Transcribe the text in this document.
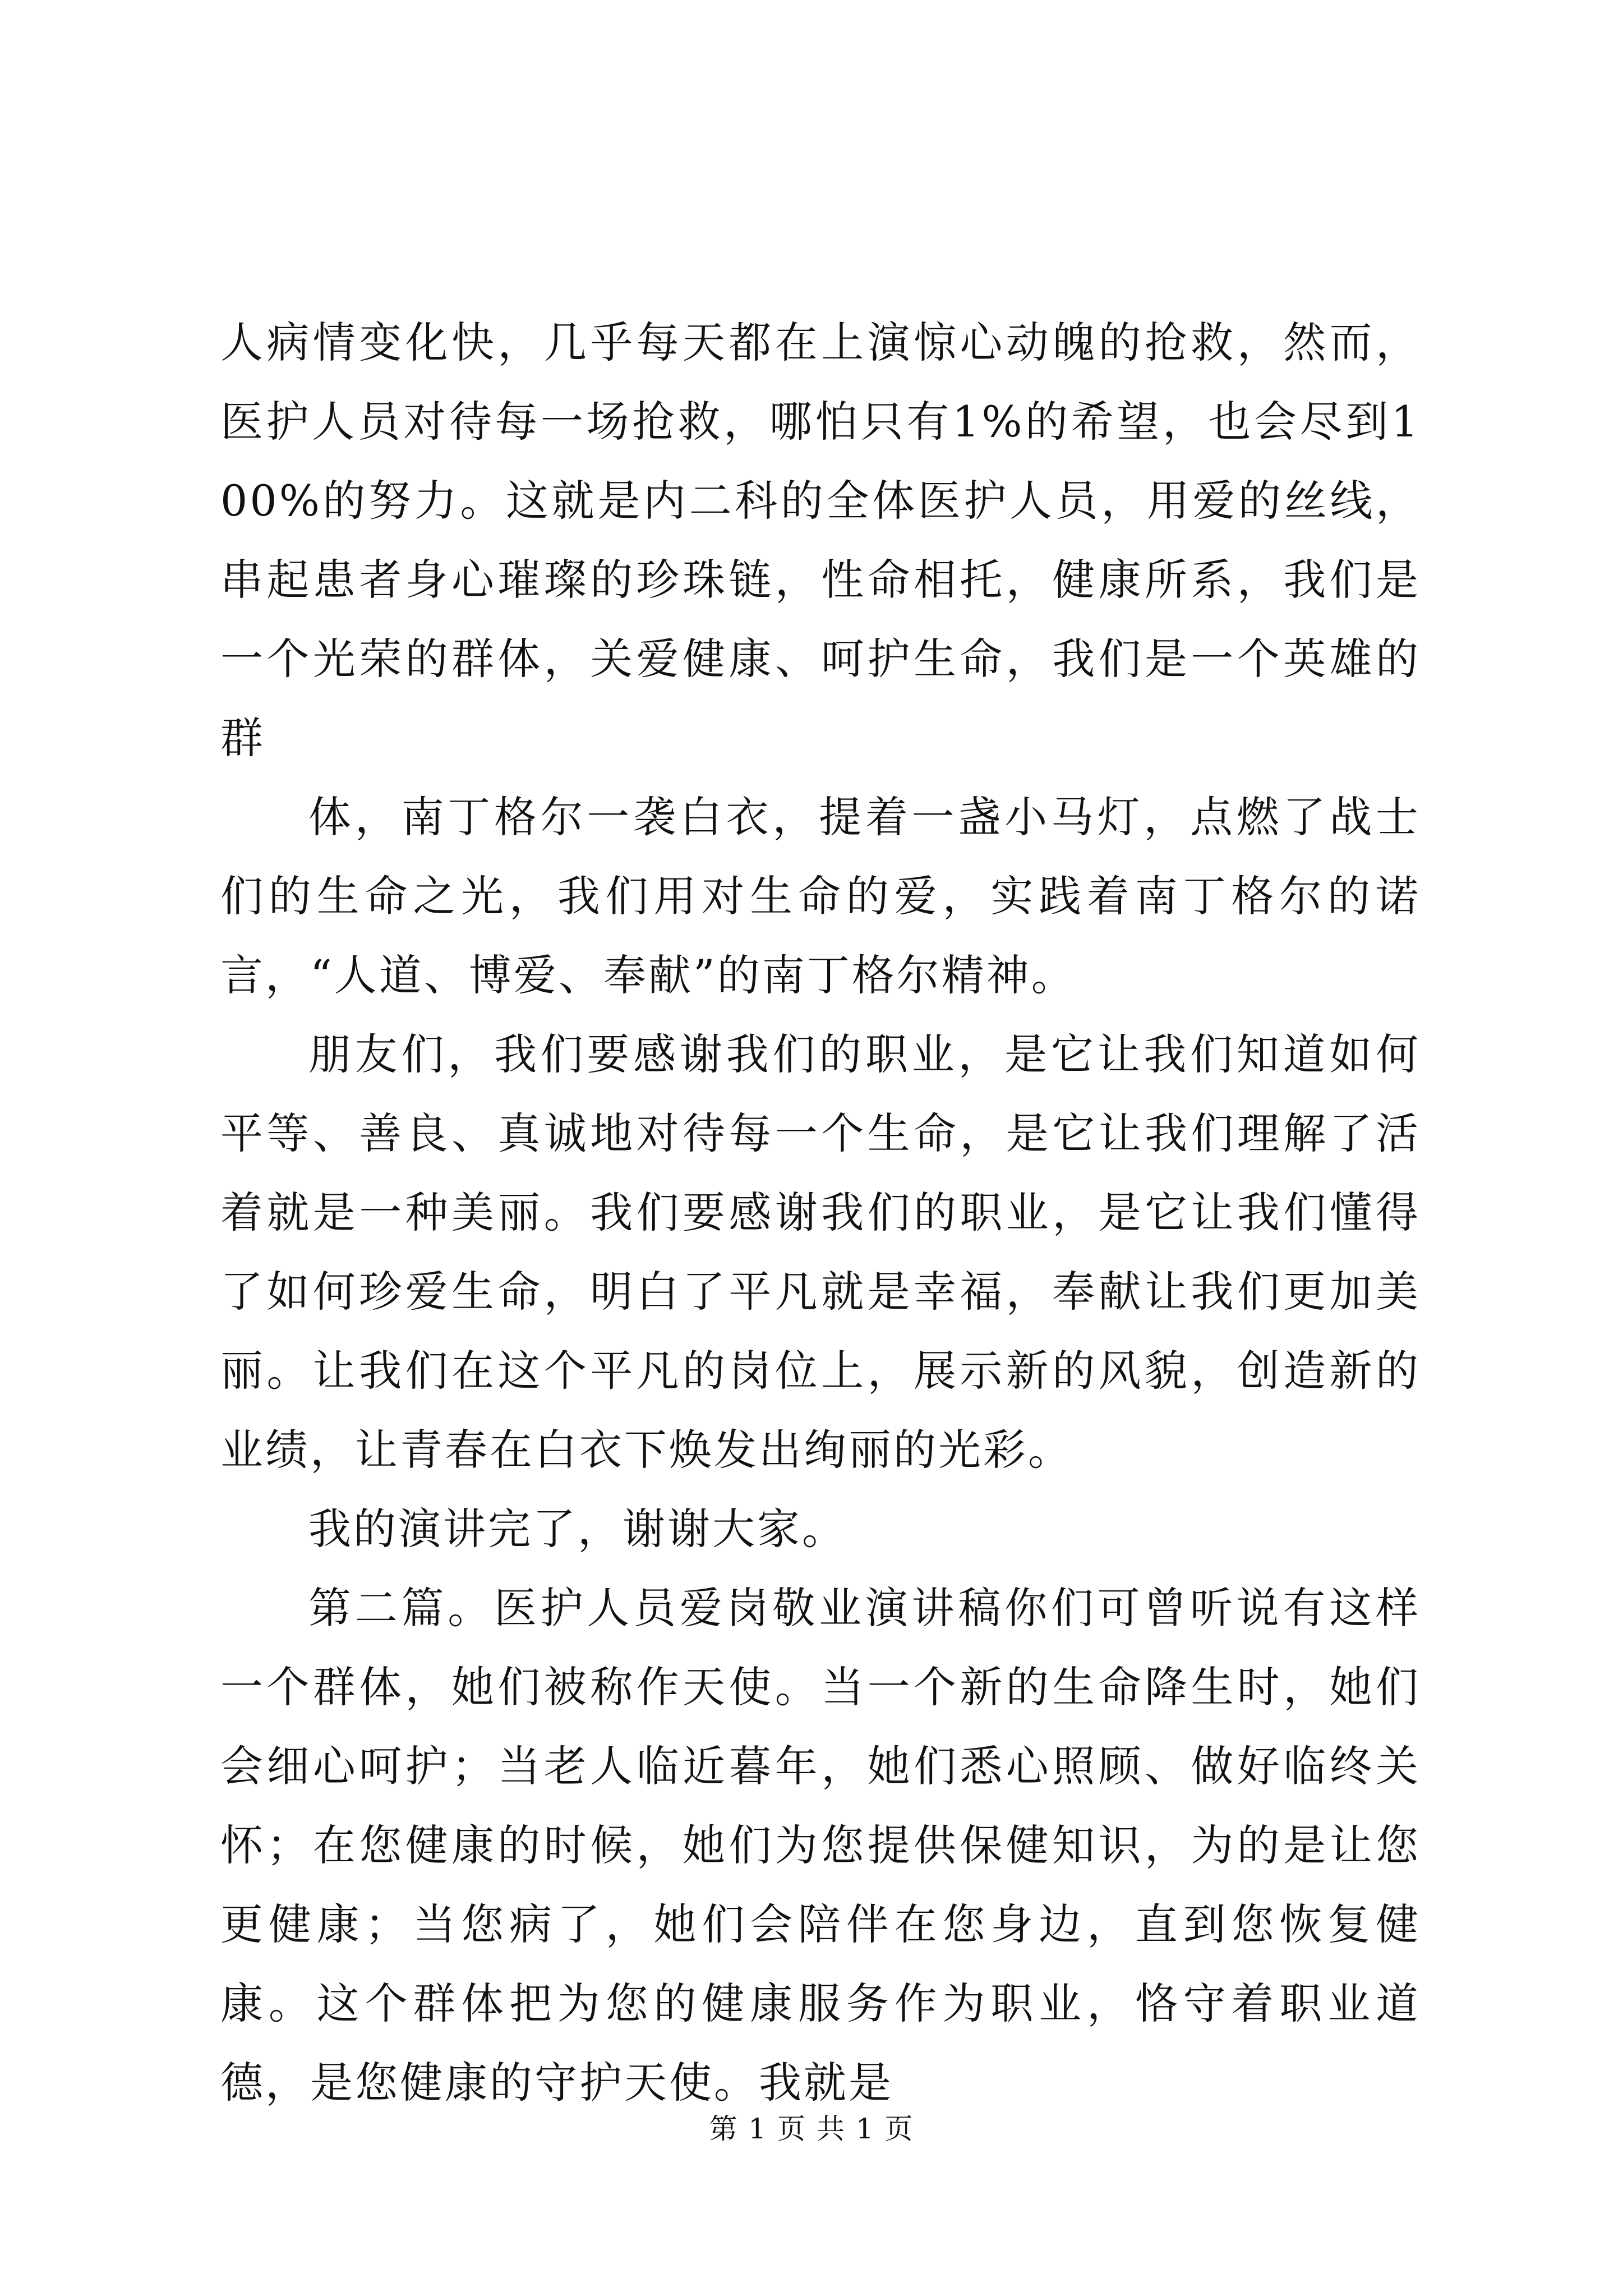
人病情变化快，几乎每天都在上演惊心动魄的抢救，然而，医护人员对待每一场抢救，哪怕只有1%的希望，也会尽到100%的努力。这就是内二科的全体医护人员，用爱的丝线，串起患者身心璀璨的珍珠链，性命相托，健康所系，我们是一个光荣的群体，关爱健康、呵护生命，我们是一个英雄的群

体，南丁格尔一袭白衣，提着一盏小马灯，点燃了战士们的生命之光，我们用对生命的爱，实践着南丁格尔的诺言，“人道、博爱、奉献”的南丁格尔精神。

朋友们，我们要感谢我们的职业，是它让我们知道如何平等、善良、真诚地对待每一个生命，是它让我们理解了活着就是一种美丽。我们要感谢我们的职业，是它让我们懂得了如何珍爱生命，明白了平凡就是幸福，奉献让我们更加美丽。让我们在这个平凡的岗位上，展示新的风貌，创造新的业绩，让青春在白衣下焕发出绚丽的光彩。

我的演讲完了，谢谢大家。

第二篇。医护人员爱岗敬业演讲稿你们可曾听说有这样一个群体，她们被称作天使。当一个新的生命降生时，她们会细心呵护；当老人临近暮年，她们悉心照顾、做好临终关怀；在您健康的时候，她们为您提供保健知识，为的是让您更健康；当您病了，她们会陪伴在您身边，直到您恢复健康。这个群体把为您的健康服务作为职业，恪守着职业道德，是您健康的守护天使。我就是

第 1 页 共 1 页
